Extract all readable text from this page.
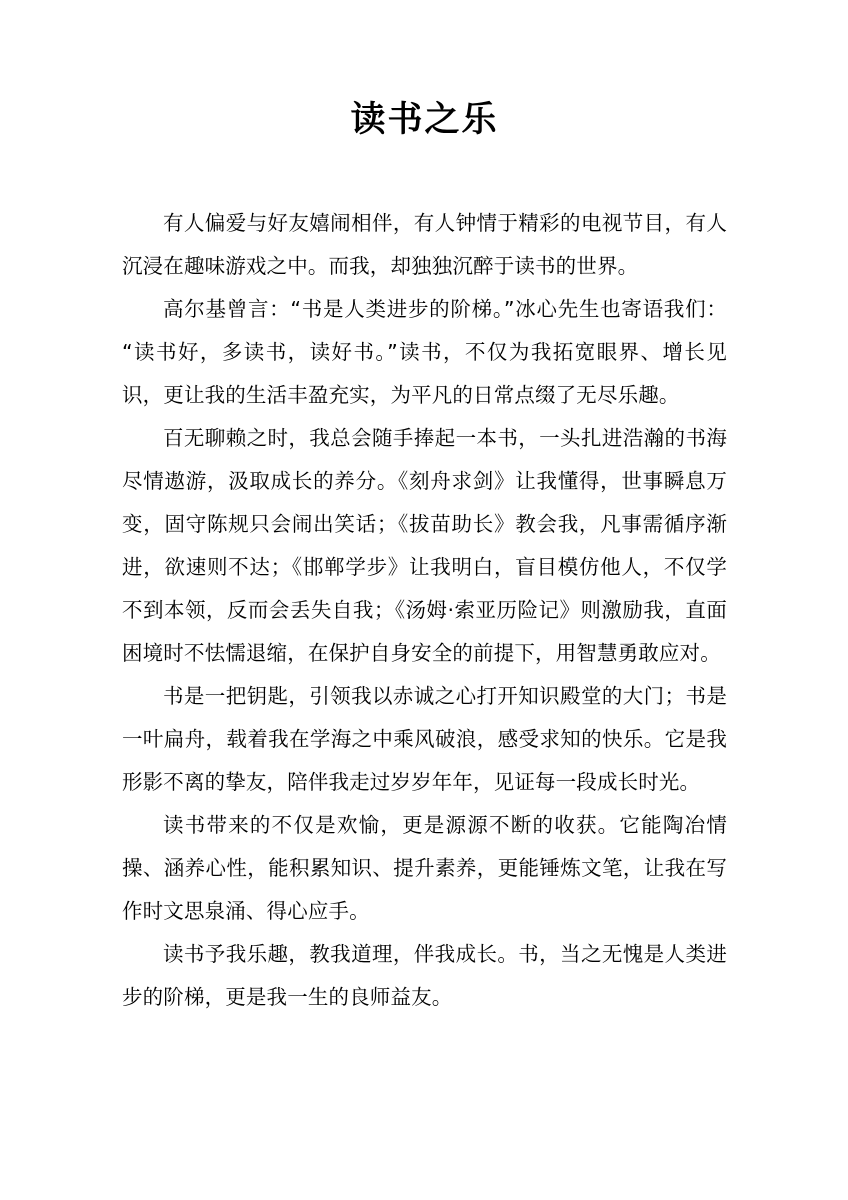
读书之乐

有人偏爱与好友嬉闹相伴，有人钟情于精彩的电视节目，有人沉浸在趣味游戏之中。而我，却独独沉醉于读书的世界。

高尔基曾言：“书是人类进步的阶梯。”冰心先生也寄语我们：“读书好，多读书，读好书。”读书，不仅为我拓宽眼界、增长见识，更让我的生活丰盈充实，为平凡的日常点缀了无尽乐趣。

百无聊赖之时，我总会随手捧起一本书，一头扎进浩瀚的书海尽情遨游，汲取成长的养分。《刻舟求剑》让我懂得，世事瞬息万变，固守陈规只会闹出笑话；《拔苗助长》教会我，凡事需循序渐进，欲速则不达；《邯郸学步》让我明白，盲目模仿他人，不仅学不到本领，反而会丢失自我；《汤姆·索亚历险记》则激励我，直面困境时不怯懦退缩，在保护自身安全的前提下，用智慧勇敢应对。

书是一把钥匙，引领我以赤诚之心打开知识殿堂的大门；书是一叶扁舟，载着我在学海之中乘风破浪，感受求知的快乐。它是我形影不离的挚友，陪伴我走过岁岁年年，见证每一段成长时光。

读书带来的不仅是欢愉，更是源源不断的收获。它能陶冶情操、涵养心性，能积累知识、提升素养，更能锤炼文笔，让我在写作时文思泉涌、得心应手。

读书予我乐趣，教我道理，伴我成长。书，当之无愧是人类进步的阶梯，更是我一生的良师益友。
